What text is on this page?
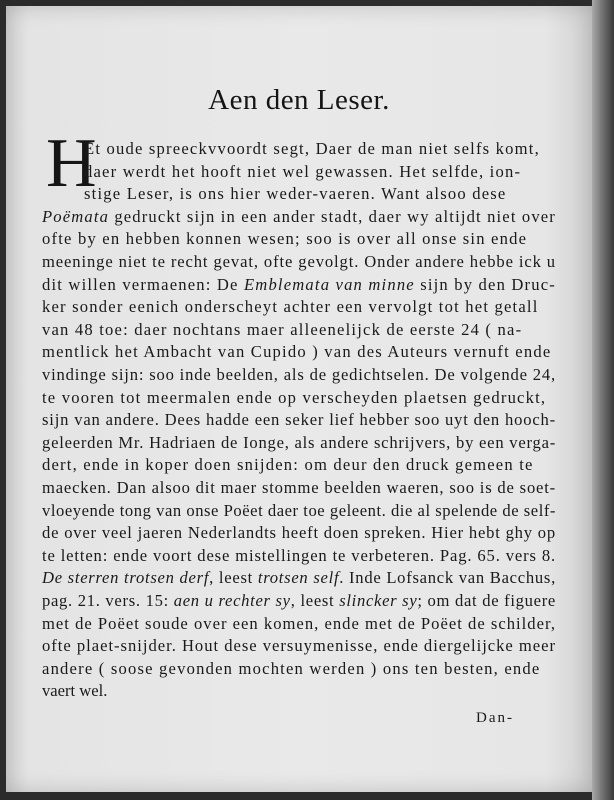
Aen den Leser.
H
Et oude spreeckvvoordt segt, Daer de man niet selfs komt,
daer werdt het hooft niet wel gewassen. Het selfde, ion-
stige Leser, is ons hier weder-vaeren. Want alsoo dese
Poëmata gedruckt sijn in een ander stadt, daer wy altijdt niet over
ofte by en hebben konnen wesen; soo is over all onse sin ende
meeninge niet te recht gevat, ofte gevolgt. Onder andere hebbe ick u
dit willen vermaenen: De Emblemata van minne sijn by den Druc-
ker sonder eenich onderscheyt achter een vervolgt tot het getall
van 48 toe: daer nochtans maer alleenelijck de eerste 24 ( na-
mentlick het Ambacht van Cupido ) van des Auteurs vernuft ende
vindinge sijn: soo inde beelden, als de gedichtselen. De volgende 24,
te vooren tot meermalen ende op verscheyden plaetsen gedruckt,
sijn van andere. Dees hadde een seker lief hebber soo uyt den hooch-
geleerden Mr. Hadriaen de Ionge, als andere schrijvers, by een verga-
dert, ende in koper doen snijden: om deur den druck gemeen te
maecken. Dan alsoo dit maer stomme beelden waeren, soo is de soet-
vloeyende tong van onse Poëet daer toe geleent. die al spelende de self-
de over veel jaeren Nederlandts heeft doen spreken. Hier hebt ghy op
te letten: ende voort dese mistellingen te verbeteren. Pag. 65. vers 8.
De sterren trotsen derf, leest trotsen self. Inde Lofsanck van Bacchus,
pag. 21. vers. 15: aen u rechter sy, leest slincker sy; om dat de figuere
met de Poëet soude over een komen, ende met de Poëet de schilder,
ofte plaet-snijder. Hout dese versuymenisse, ende diergelijcke meer
andere ( soose gevonden mochten werden ) ons ten besten, ende
vaert wel.
Dan-
